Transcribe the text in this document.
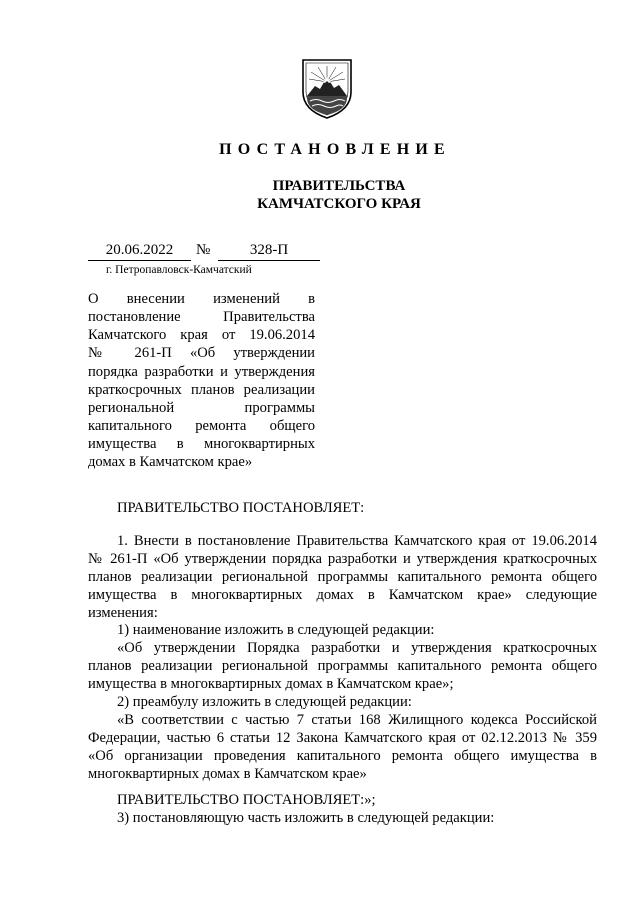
ПОСТАНОВЛЕНИЕ
ПРАВИТЕЛЬСТВА
КАМЧАТСКОГО КРАЯ
20.06.2022	№	328-П
г. Петропавловск-Камчатский
О внесении изменений в
постановление Правительства
Камчатского края от 19.06.2014
№ 261-П «Об утверждении
порядка разработки и утверждения
краткосрочных планов реализации
региональной программы
капитального ремонта общего
имущества в многоквартирных
домах в Камчатском крае»
ПРАВИТЕЛЬСТВО ПОСТАНОВЛЯЕТ:
1. Внести в постановление Правительства Камчатского края от 19.06.2014
№ 261-П «Об утверждении порядка разработки и утверждения краткосрочных
планов реализации региональной программы капитального ремонта общего
имущества в многоквартирных домах в Камчатском крае» следующие
изменения:
1) наименование изложить в следующей редакции:
«Об утверждении Порядка разработки и утверждения краткосрочных
планов реализации региональной программы капитального ремонта общего
имущества в многоквартирных домах в Камчатском крае»;
2) преамбулу изложить в следующей редакции:
«В соответствии с частью 7 статьи 168 Жилищного кодекса Российской
Федерации, частью 6 статьи 12 Закона Камчатского края от 02.12.2013 № 359
«Об организации проведения капитального ремонта общего имущества в
многоквартирных домах в Камчатском крае»
ПРАВИТЕЛЬСТВО ПОСТАНОВЛЯЕТ:»;
3) постановляющую часть изложить в следующей редакции:
